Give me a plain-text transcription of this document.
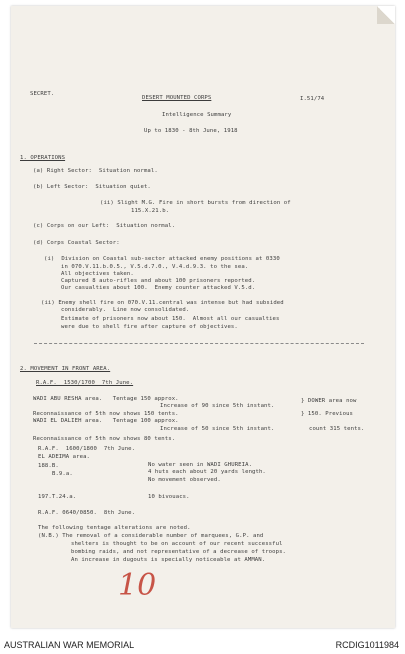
SECRET.
DESERT MOUNTED CORPS	I.51/74
Intelligence Summary
Up to 1830 - 8th June, 1918
1. OPERATIONS
(a) Right Sector:  Situation normal.
(b) Left Sector:  Situation quiet.
(ii) Slight M.G. Fire in short bursts from direction of
115.X.21.b.
(c) Corps on our Left:  Situation normal.
(d) Corps Coastal Sector:
(i)  Division on Coastal sub-sector attacked enemy positions at 0330
in 070.V.11.b.0.5., V.5.d.7.0., V.4.d.9.3. to the sea.
All objectives taken.
Captured 8 auto-rifles and about 100 prisoners reported.
Our casualties about 100.  Enemy counter attacked V.5.d.
(ii) Enemy shell fire on 070.V.11.central was intense but had subsided
considerably.  Line now consolidated.
Estimate of prisoners now about 150.  Almost all our casualties
were due to shell fire after capture of objectives.
2. MOVEMENT IN FRONT AREA.
R.A.F.  1530/1700  7th June.
WADI ABU RESHA area.   Tentage 150 approx.
Increase of 90 since 5th instant.
} DOWER area now
Reconnaissance of 5th now shows 150 tents.	} 150. Previous
WADI EL DALIEH area.   Tentage 100 approx.
Increase of 50 since 5th instant.	count 315 tents.
Reconnaissance of 5th now shows 80 tents.
R.A.F.  1600/1800  7th June.
EL ADEIMA area.
188.B.	No water seen in WADI GHUREIA.
B.9.a.	4 huts each about 20 yards length.
No movement observed.
197.T.24.a.	10 bivouacs.
R.A.F. 0640/0850.  8th June.
The following tentage alterations are noted.
(N.B.) The removal of a considerable number of marquees, G.P. and
shelters is thought to be on account of our recent successful
bombing raids, and not representative of a decrease of troops.
An increase in dugouts is specially noticeable at AMMAN.
10
AUSTRALIAN WAR MEMORIAL	RCDIG1011984
